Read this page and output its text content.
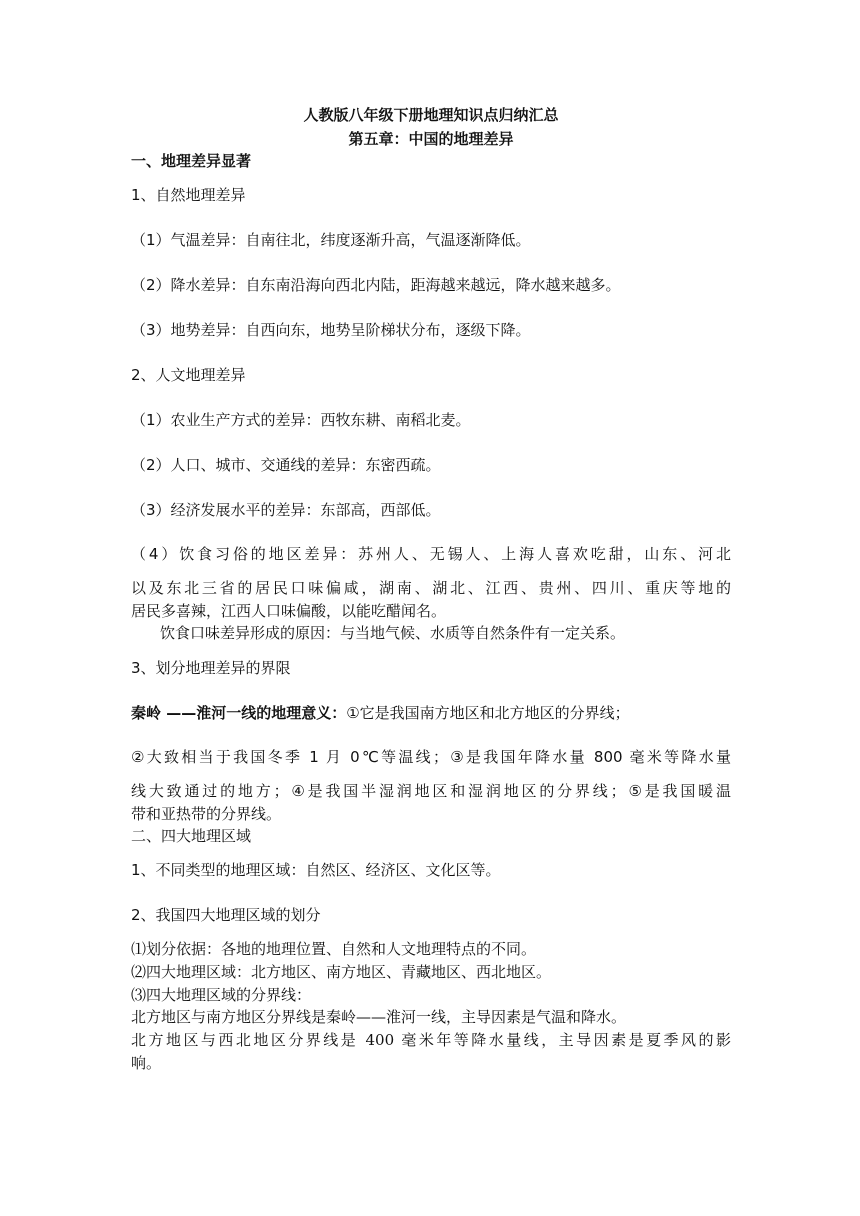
人教版八年级下册地理知识点归纳汇总
第五章：中国的地理差异
一、地理差异显著
1、自然地理差异
（1）气温差异：自南往北，纬度逐渐升高，气温逐渐降低。
（2）降水差异：自东南沿海向西北内陆，距海越来越远，降水越来越多。
（3）地势差异：自西向东，地势呈阶梯状分布，逐级下降。
2、人文地理差异
（1）农业生产方式的差异：西牧东耕、南稻北麦。
（2）人口、城市、交通线的差异：东密西疏。
（3）经济发展水平的差异：东部高，西部低。
（4）饮食习俗的地区差异：苏州人、无锡人、上海人喜欢吃甜，山东、河北
以及东北三省的居民口味偏咸，湖南、湖北、江西、贵州、四川、重庆等地的
居民多喜辣，江西人口味偏酸，以能吃醋闻名。
饮食口味差异形成的原因：与当地气候、水质等自然条件有一定关系。
3、划分地理差异的界限
秦岭 ——淮河一线的地理意义：①它是我国南方地区和北方地区的分界线；
②大致相当于我国冬季 1 月 0℃等温线；③是我国年降水量 800 毫米等降水量
线大致通过的地方；④是我国半湿润地区和湿润地区的分界线；⑤是我国暖温
带和亚热带的分界线。
二、四大地理区域
1、不同类型的地理区域：自然区、经济区、文化区等。
2、我国四大地理区域的划分
⑴划分依据：各地的地理位置、自然和人文地理特点的不同。
⑵四大地理区域：北方地区、南方地区、青藏地区、西北地区。
⑶四大地理区域的分界线：
北方地区与南方地区分界线是秦岭——淮河一线，主导因素是气温和降水。
北方地区与西北地区分界线是 400 毫米年等降水量线，主导因素是夏季风的影
响。
